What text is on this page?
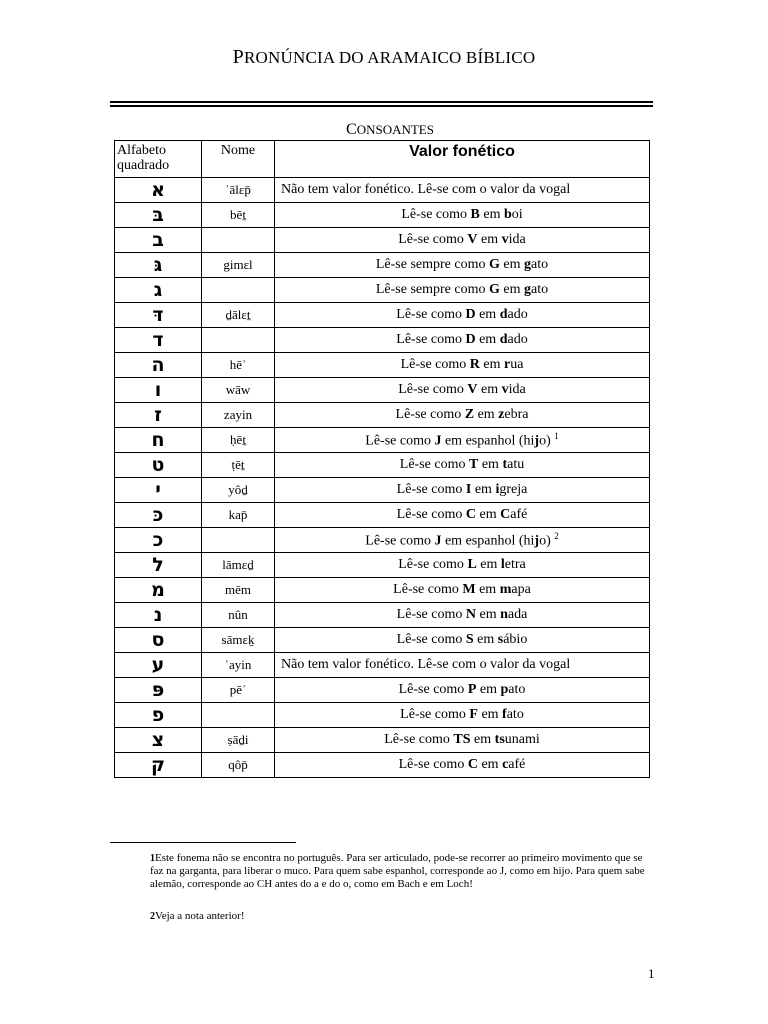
PRONÚNCIA DO ARAMAICO BÍBLICO
CONSOANTES
Alfabeto quadrado	Nome	Valor fonético
א	ʾālɛp̄	Não tem valor fonético. Lê-se com o valor da vogal
בּ	bēṯ	Lê-se como B em boi
ב		Lê-se como V em vida
גּ	gimɛl	Lê-se sempre como G em gato
ג		Lê-se sempre como G em gato
דּ	ḏālɛṯ	Lê-se como D em dado
ד		Lê-se como D em dado
ה	hēʾ	Lê-se como R em rua
ו	wāw	Lê-se como V em vida
ז	zayin	Lê-se como Z em zebra
ח	ḥēṯ	Lê-se como J em espanhol (hijo) $^1$
ט	ṭēṯ	Lê-se como T em tatu
י	yôḏ	Lê-se como I em igreja
כּ	kap̄	Lê-se como C em Café
כ		Lê-se como J em espanhol (hijo) $^2$
ל	lāmɛḏ	Lê-se como L em letra
מ	mēm	Lê-se como M em mapa
נ	nûn	Lê-se como N em nada
ס	sāmɛḵ	Lê-se como S em sábio
ע	ʿayin	Não tem valor fonético. Lê-se com o valor da vogal
פּ	pēʾ	Lê-se como P em pato
פ		Lê-se como F em fato
צ	ṣāḏi	Lê-se como TS em tsunami
ק	qôp̄	Lê-se como C em café
1Este fonema não se encontra no português. Para ser articulado, pode-se recorrer ao primeiro movimento que se faz na garganta, para liberar o muco. Para quem sabe espanhol, corresponde ao J, como em hijo. Para quem sabe alemão, corresponde ao CH antes do a e do o, como em Bach e em Loch!
2Veja a nota anterior!
1
